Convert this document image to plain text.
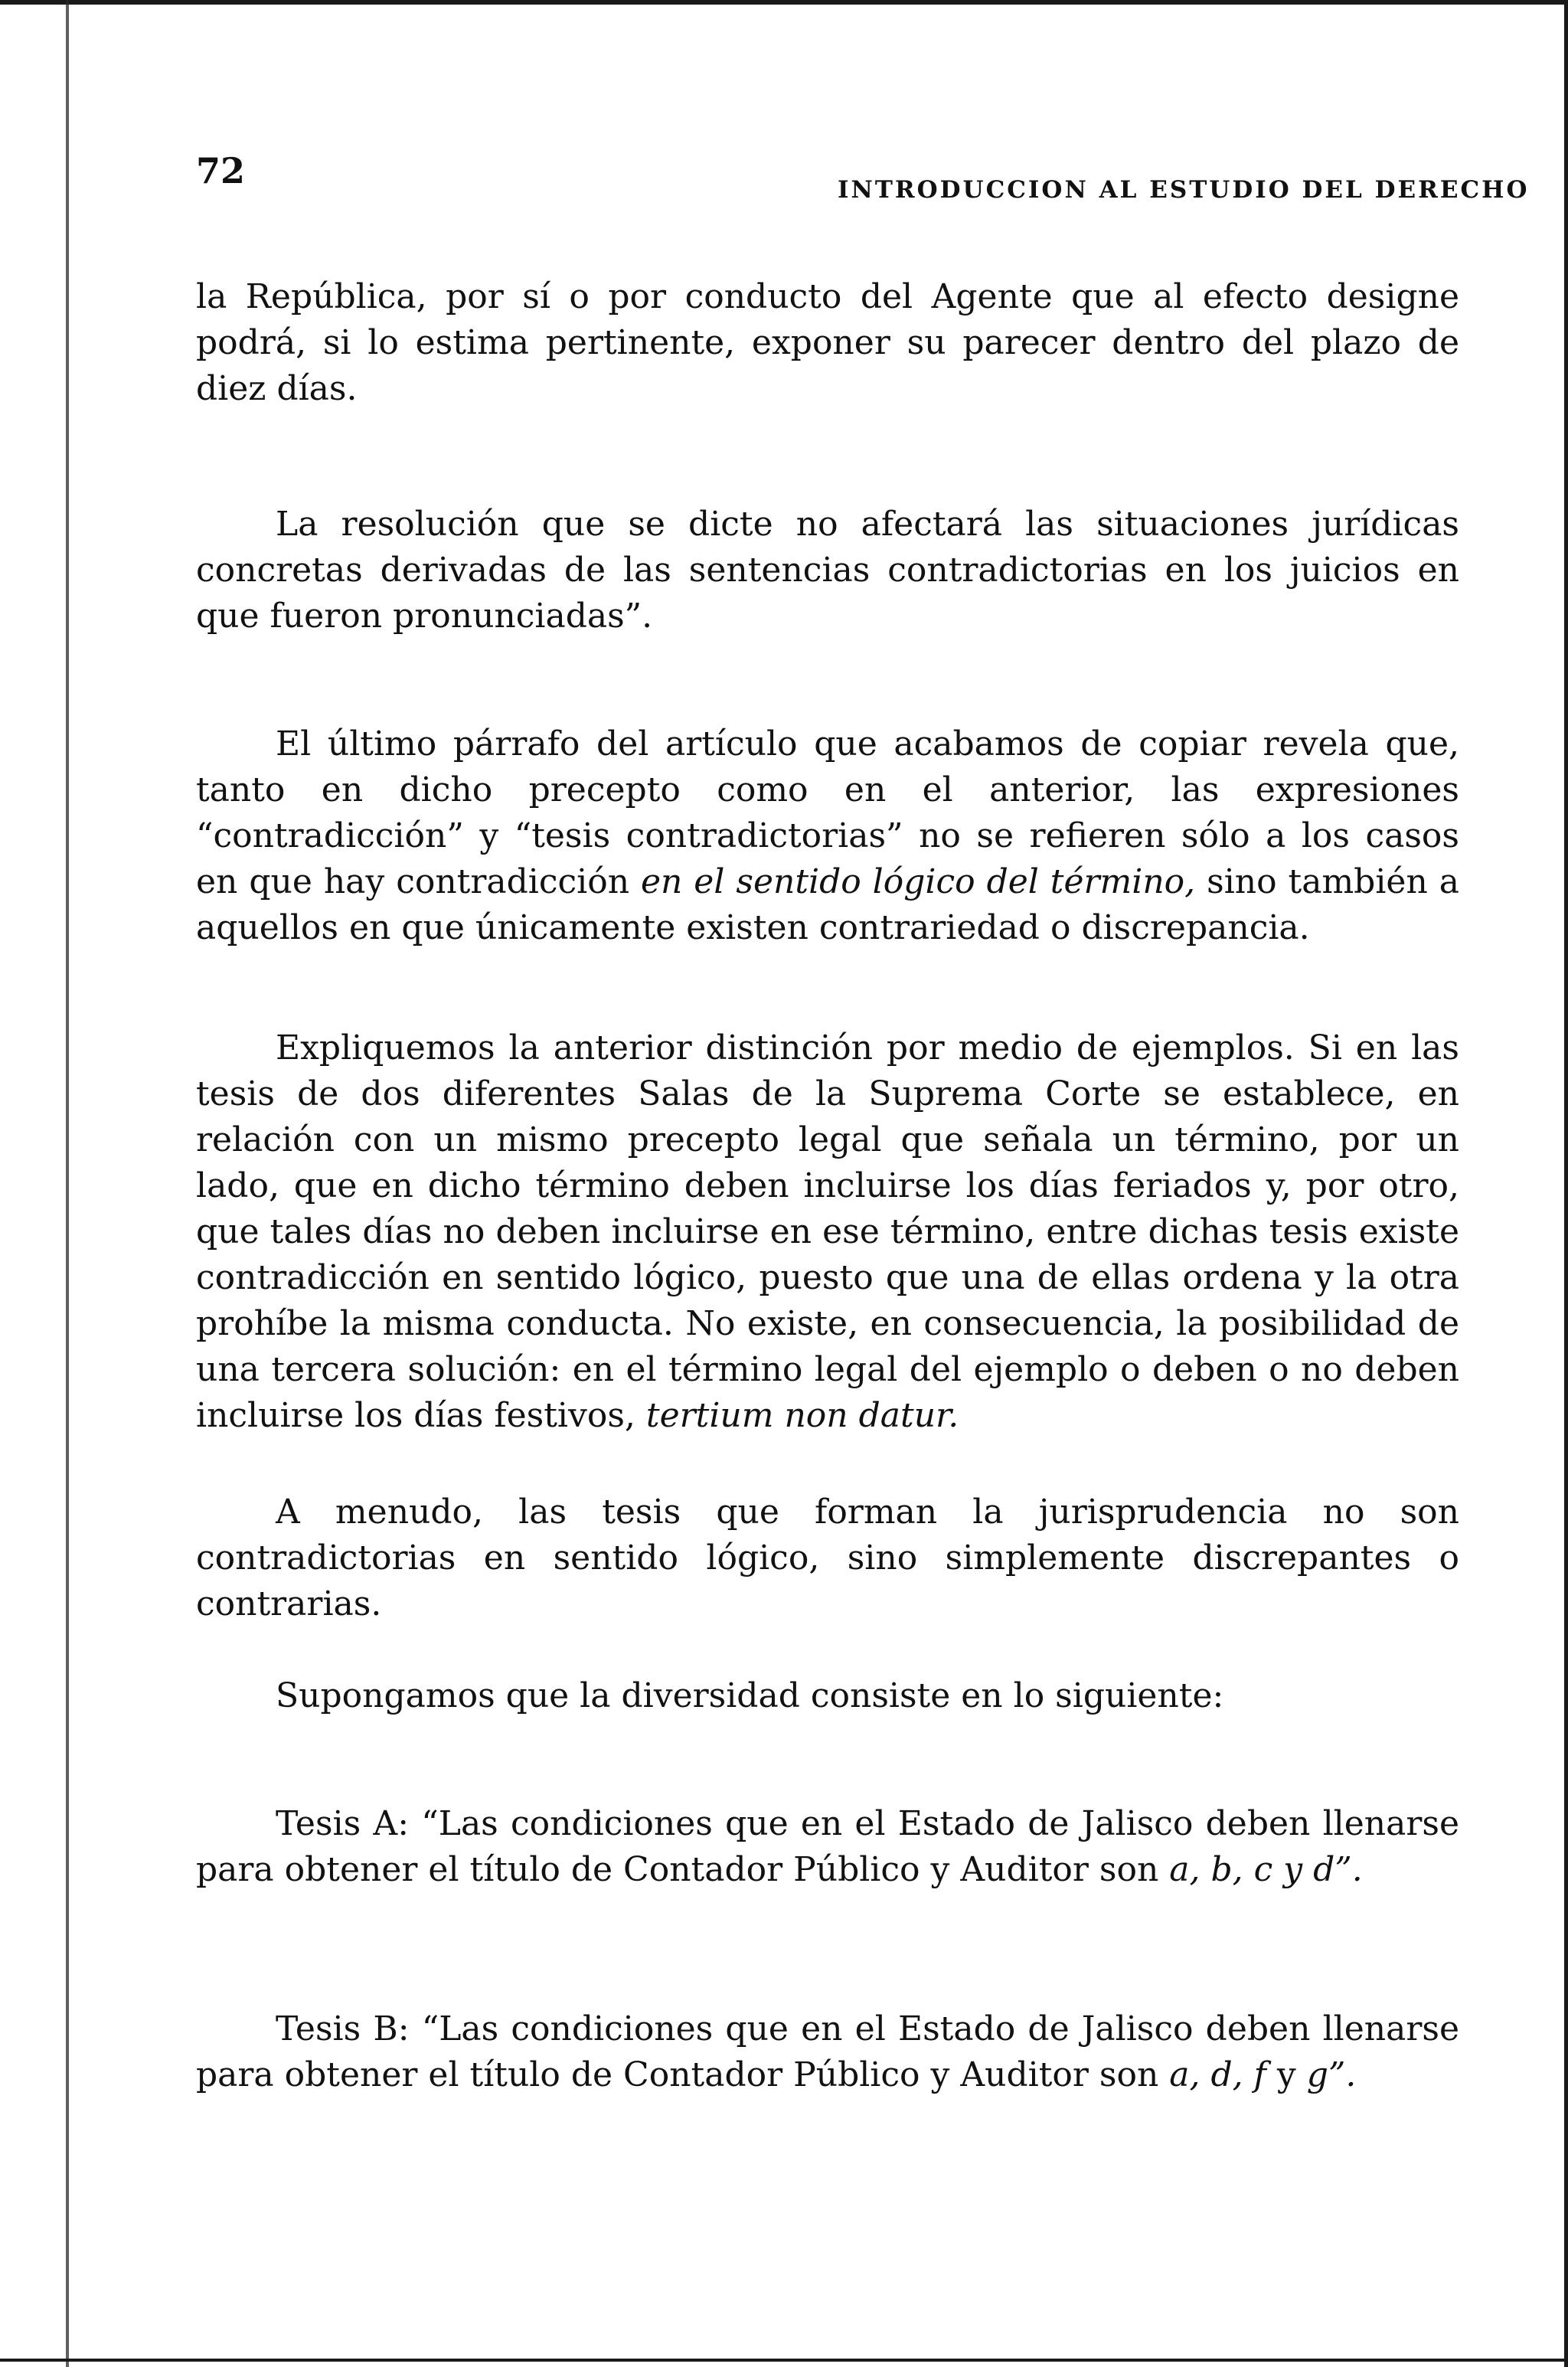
72	INTRODUCCION AL ESTUDIO DEL DERECHO

la República, por sí o por conducto del Agente que al efecto designe podrá, si lo estima pertinente, exponer su parecer dentro del plazo de diez días.

La resolución que se dicte no afectará las situaciones jurídicas concretas derivadas de las sentencias contradictorias en los juicios en que fueron pronunciadas”.

El último párrafo del artículo que acabamos de copiar revela que, tanto en dicho precepto como en el anterior, las expresiones “contradicción” y “tesis contradictorias” no se refieren sólo a los casos en que hay contradicción en el sentido lógico del término, sino también a aquellos en que únicamente existen contrariedad o discrepancia.

Expliquemos la anterior distinción por medio de ejemplos. Si en las tesis de dos diferentes Salas de la Suprema Corte se establece, en relación con un mismo precepto legal que señala un término, por un lado, que en dicho término deben incluirse los días feriados y, por otro, que tales días no deben incluirse en ese término, entre dichas tesis existe contradicción en sentido lógico, puesto que una de ellas ordena y la otra prohíbe la misma conducta. No existe, en consecuencia, la posibilidad de una tercera solución: en el término legal del ejemplo o deben o no deben incluirse los días festivos, tertium non datur.

A menudo, las tesis que forman la jurisprudencia no son contradictorias en sentido lógico, sino simplemente discrepantes o contrarias.

Supongamos que la diversidad consiste en lo siguiente:

Tesis A: “Las condiciones que en el Estado de Jalisco deben llenarse para obtener el título de Contador Público y Auditor son a, b, c y d”.

Tesis B: “Las condiciones que en el Estado de Jalisco deben llenarse para obtener el título de Contador Público y Auditor son a, d, f y g”.
